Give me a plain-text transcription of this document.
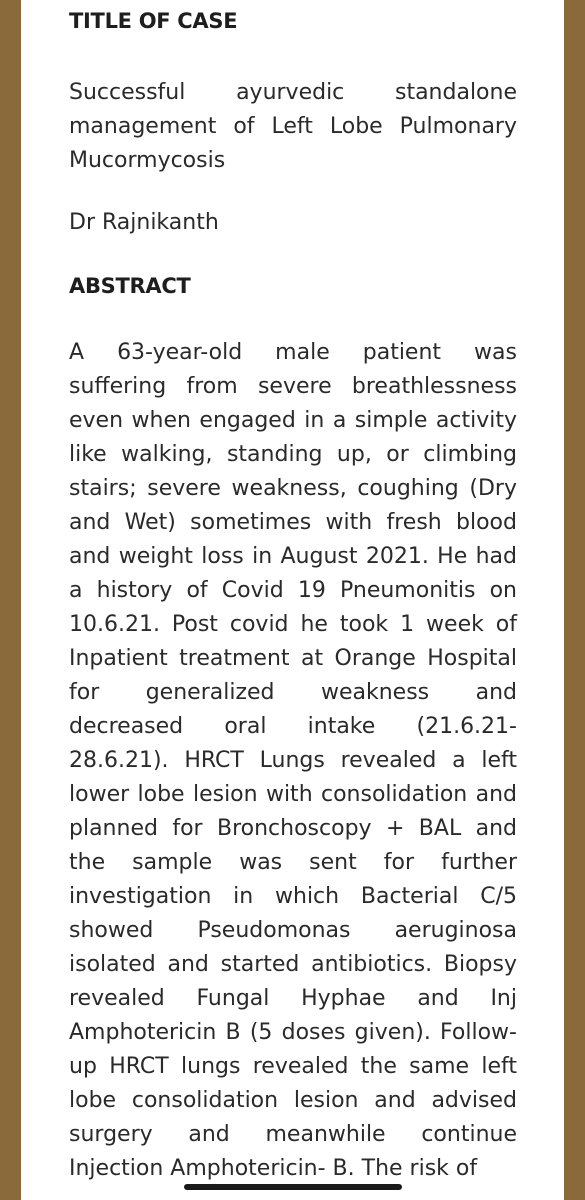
TITLE OF CASE

Successful ayurvedic standalone management of Left Lobe Pulmonary Mucormycosis

Dr Rajnikanth

ABSTRACT

A 63-year-old male patient was suffering from severe breathlessness even when engaged in a simple activity like walking, standing up, or climbing stairs; severe weakness, coughing (Dry and Wet) sometimes with fresh blood and weight loss in August 2021. He had a history of Covid 19 Pneumonitis on 10.6.21. Post covid he took 1 week of Inpatient treatment at Orange Hospital for generalized weakness and decreased oral intake (21.6.21- 28.6.21). HRCT Lungs revealed a left lower lobe lesion with consolidation and planned for Bronchoscopy + BAL and the sample was sent for further investigation in which Bacterial C/5 showed Pseudomonas aeruginosa isolated and started antibiotics. Biopsy revealed Fungal Hyphae and Inj Amphotericin B (5 doses given). Follow-up HRCT lungs revealed the same left lobe consolidation lesion and advised surgery and meanwhile continue Injection Amphotericin- B. The risk of
